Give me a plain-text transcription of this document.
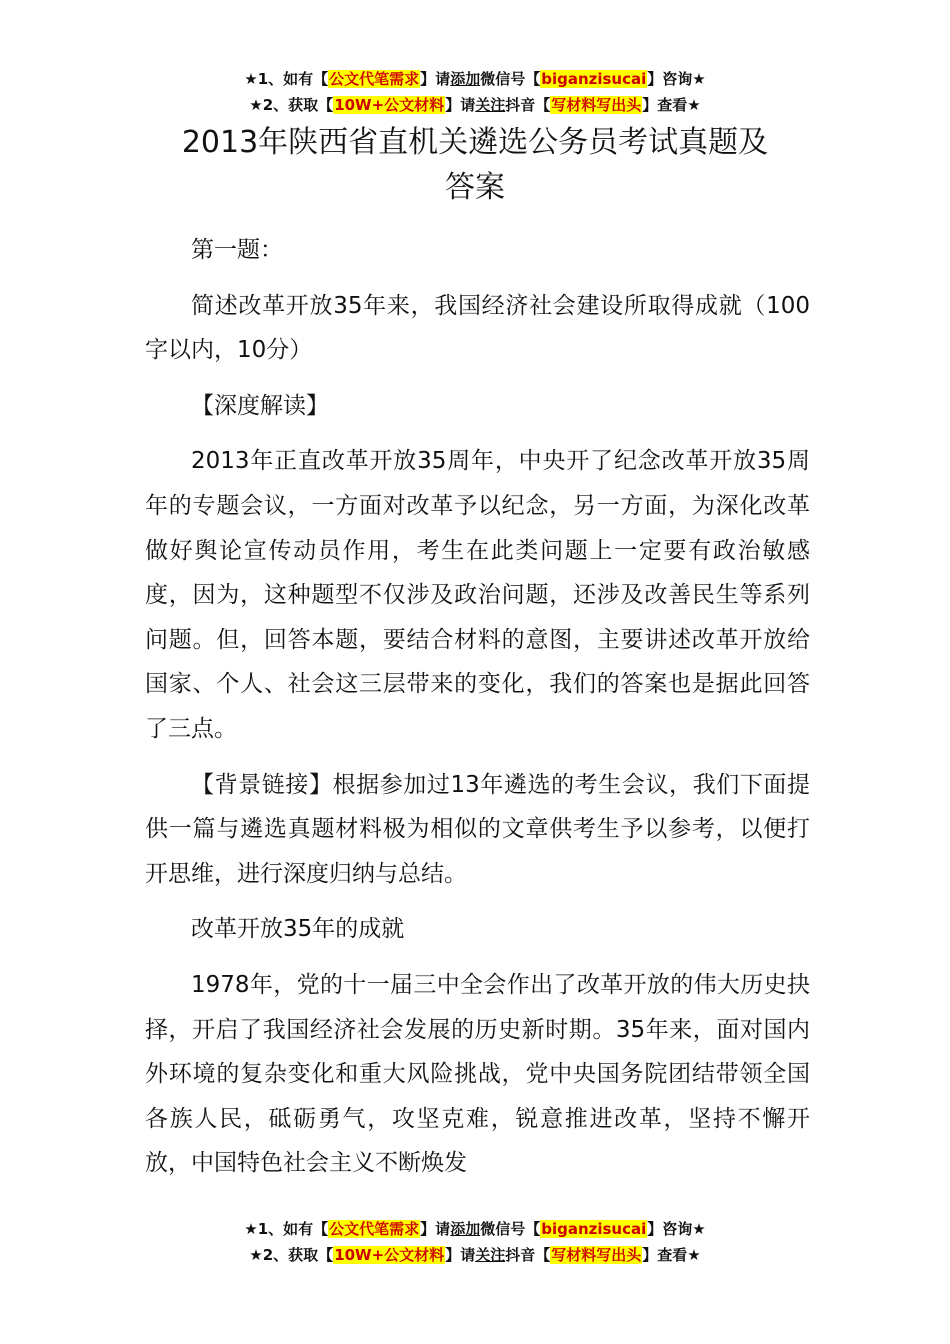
★1、如有【公文代笔需求】请添加微信号【biganzisucai】咨询★
★2、获取【10W+公文材料】请关注抖音【写材料写出头】查看★
2013年陕西省直机关遴选公务员考试真题及
答案

第一题：

简述改革开放35年来，我国经济社会建设所取得成就（100字以内，10分）

【深度解读】

2013年正直改革开放35周年，中央开了纪念改革开放35周年的专题会议，一方面对改革予以纪念，另一方面，为深化改革做好舆论宣传动员作用，考生在此类问题上一定要有政治敏感度，因为，这种题型不仅涉及政治问题，还涉及改善民生等系列问题。但，回答本题，要结合材料的意图，主要讲述改革开放给国家、个人、社会这三层带来的变化，我们的答案也是据此回答了三点。

【背景链接】根据参加过13年遴选的考生会议，我们下面提供一篇与遴选真题材料极为相似的文章供考生予以参考，以便打开思维，进行深度归纳与总结。

改革开放35年的成就

1978年，党的十一届三中全会作出了改革开放的伟大历史抉择，开启了我国经济社会发展的历史新时期。35年来，面对国内外环境的复杂变化和重大风险挑战，党中央国务院团结带领全国各族人民，砥砺勇气，攻坚克难，锐意推进改革，坚持不懈开放，中国特色社会主义不断焕发

★1、如有【公文代笔需求】请添加微信号【biganzisucai】咨询★
★2、获取【10W+公文材料】请关注抖音【写材料写出头】查看★
